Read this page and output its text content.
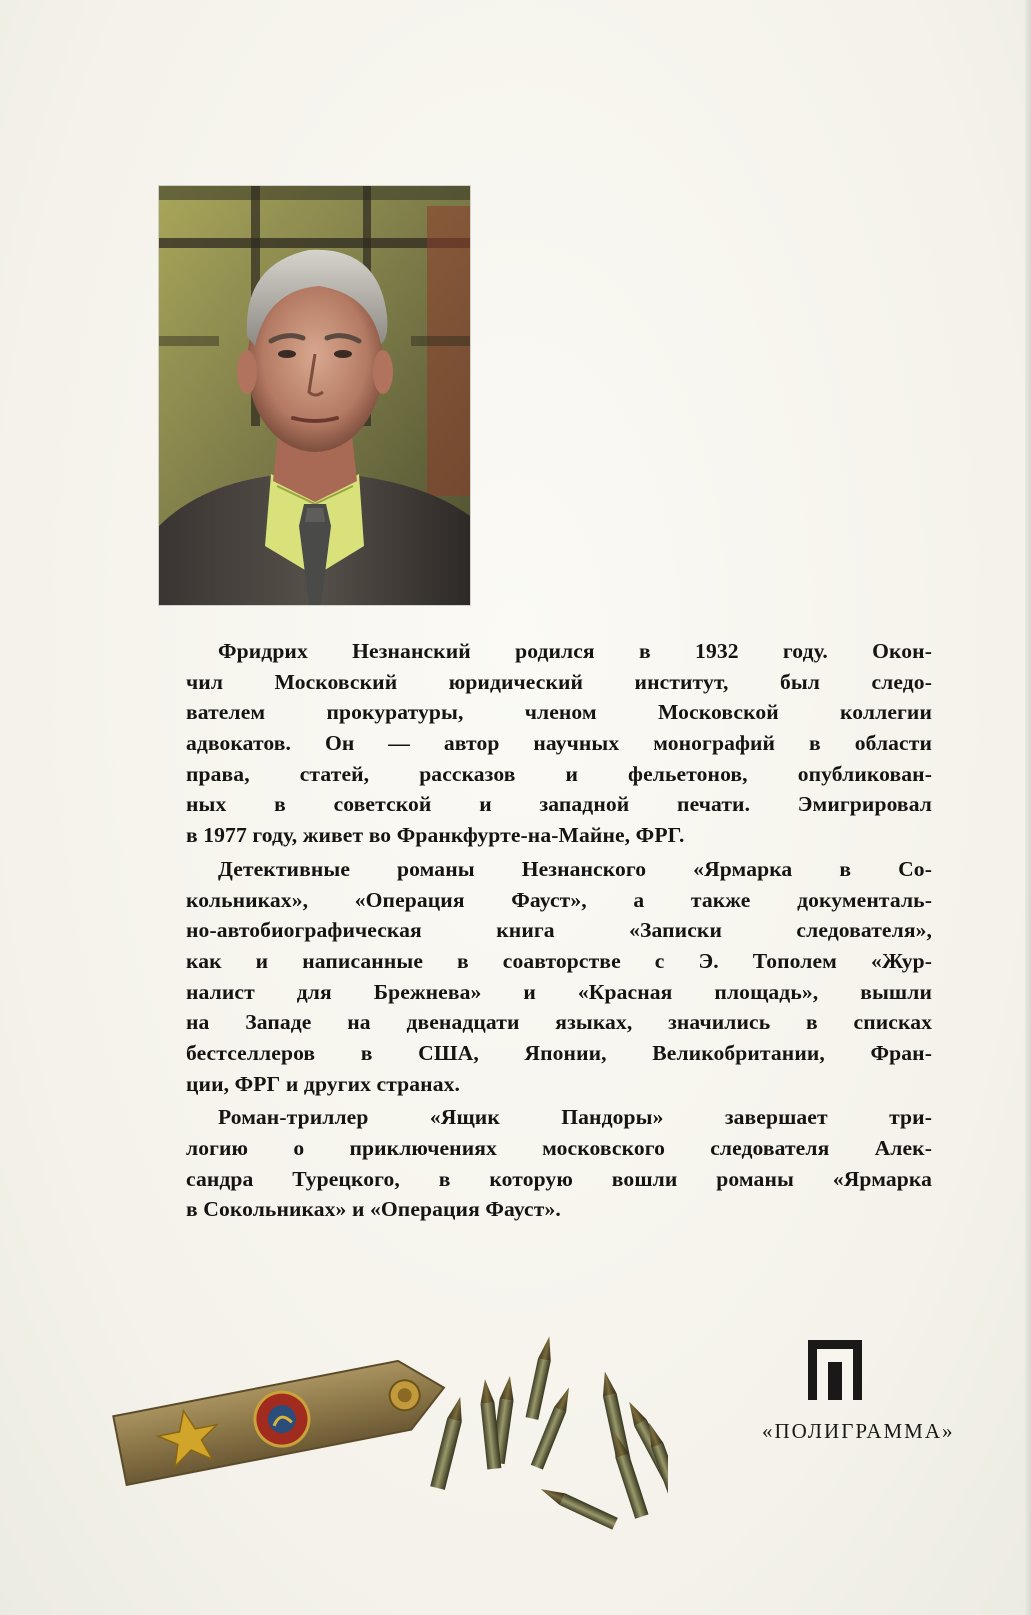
Фридрих Незнанский родился в 1932 году. Окон-
чил Московский юридический институт, был следо-
вателем прокуратуры, членом Московской коллегии
адвокатов. Он — автор научных монографий в области
права, статей, рассказов и фельетонов, опубликован-
ных в советской и западной печати. Эмигрировал
в 1977 году, живет во Франкфурте-на-Майне, ФРГ.
Детективные романы Незнанского «Ярмарка в Со-
кольниках», «Операция Фауст», а также документаль-
но-автобиографическая книга «Записки следователя»,
как и написанные в соавторстве с Э. Тополем «Жур-
налист для Брежнева» и «Красная площадь», вышли
на Западе на двенадцати языках, значились в списках
бестселлеров в США, Японии, Великобритании, Фран-
ции, ФРГ и других странах.
Роман-триллер «Ящик Пандоры» завершает три-
логию о приключениях московского следователя Алек-
сандра Турецкого, в которую вошли романы «Ярмарка
в Сокольниках» и «Операция Фауст».
«ПОЛИГРАММА»
